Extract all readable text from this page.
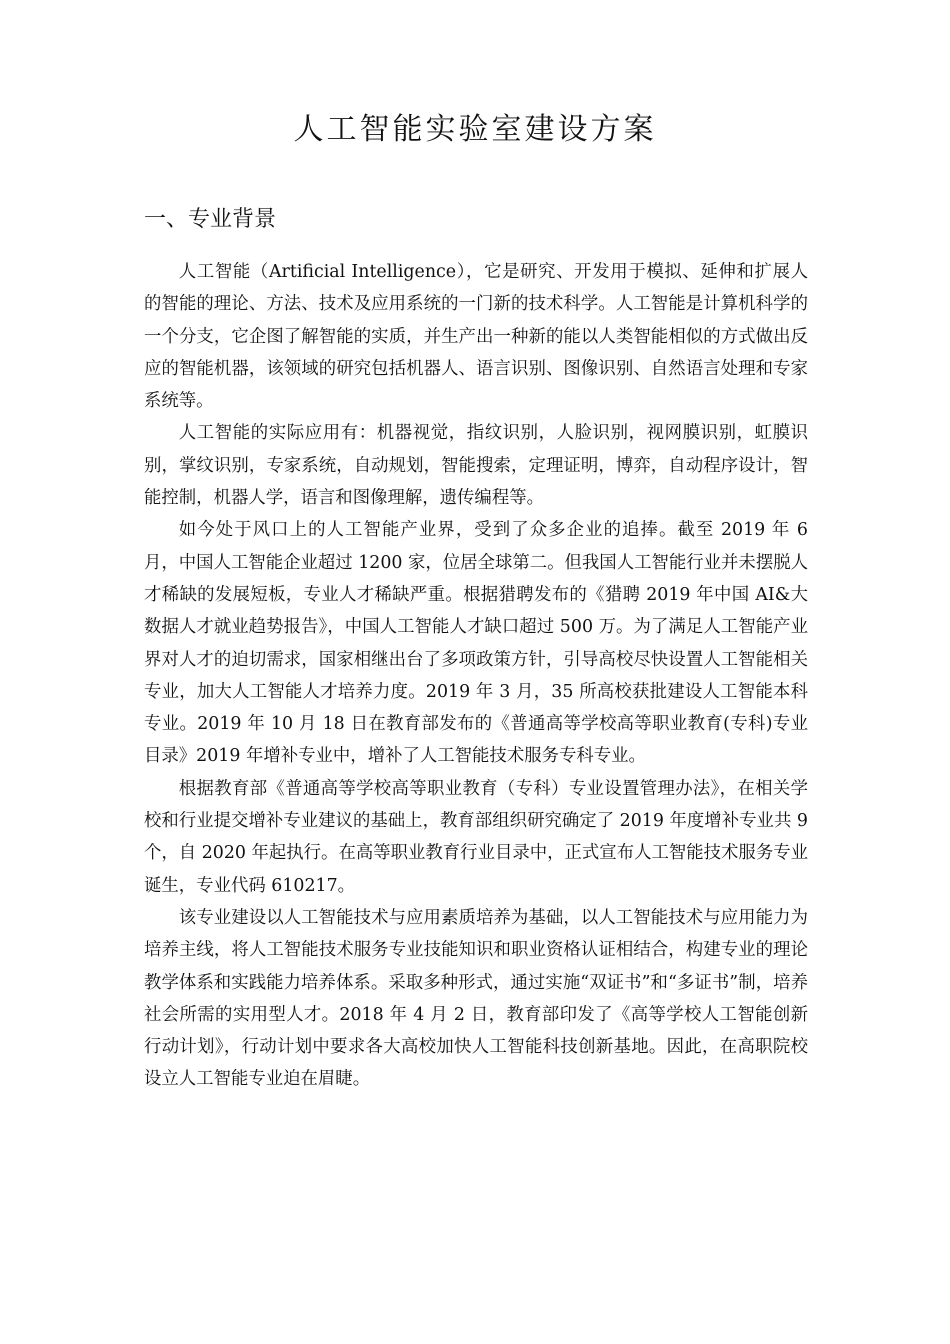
人工智能实验室建设方案
一、专业背景

人工智能（Artificial Intelligence），它是研究、开发用于模拟、延伸和扩展人的智能的理论、方法、技术及应用系统的一门新的技术科学。人工智能是计算机科学的一个分支，它企图了解智能的实质，并生产出一种新的能以人类智能相似的方式做出反应的智能机器，该领域的研究包括机器人、语言识别、图像识别、自然语言处理和专家系统等。

人工智能的实际应用有：机器视觉，指纹识别，人脸识别，视网膜识别，虹膜识别，掌纹识别，专家系统，自动规划，智能搜索，定理证明，博弈，自动程序设计，智能控制，机器人学，语言和图像理解，遗传编程等。

如今处于风口上的人工智能产业界，受到了众多企业的追捧。截至 2019 年 6 月，中国人工智能企业超过 1200 家，位居全球第二。但我国人工智能行业并未摆脱人才稀缺的发展短板，专业人才稀缺严重。根据猎聘发布的《猎聘 2019 年中国 AI&大数据人才就业趋势报告》，中国人工智能人才缺口超过 500 万。为了满足人工智能产业界对人才的迫切需求，国家相继出台了多项政策方针，引导高校尽快设置人工智能相关专业，加大人工智能人才培养力度。2019 年 3 月，35 所高校获批建设人工智能本科专业。2019 年 10 月 18 日在教育部发布的《普通高等学校高等职业教育(专科)专业目录》2019 年增补专业中，增补了人工智能技术服务专科专业。

根据教育部《普通高等学校高等职业教育（专科）专业设置管理办法》，在相关学校和行业提交增补专业建议的基础上，教育部组织研究确定了 2019 年度增补专业共 9 个，自 2020 年起执行。在高等职业教育行业目录中，正式宣布人工智能技术服务专业诞生，专业代码 610217。

该专业建设以人工智能技术与应用素质培养为基础，以人工智能技术与应用能力为培养主线，将人工智能技术服务专业技能知识和职业资格认证相结合，构建专业的理论教学体系和实践能力培养体系。采取多种形式，通过实施“双证书”和“多证书”制，培养社会所需的实用型人才。2018 年 4 月 2 日，教育部印发了《高等学校人工智能创新行动计划》，行动计划中要求各大高校加快人工智能科技创新基地。因此，在高职院校设立人工智能专业迫在眉睫。
